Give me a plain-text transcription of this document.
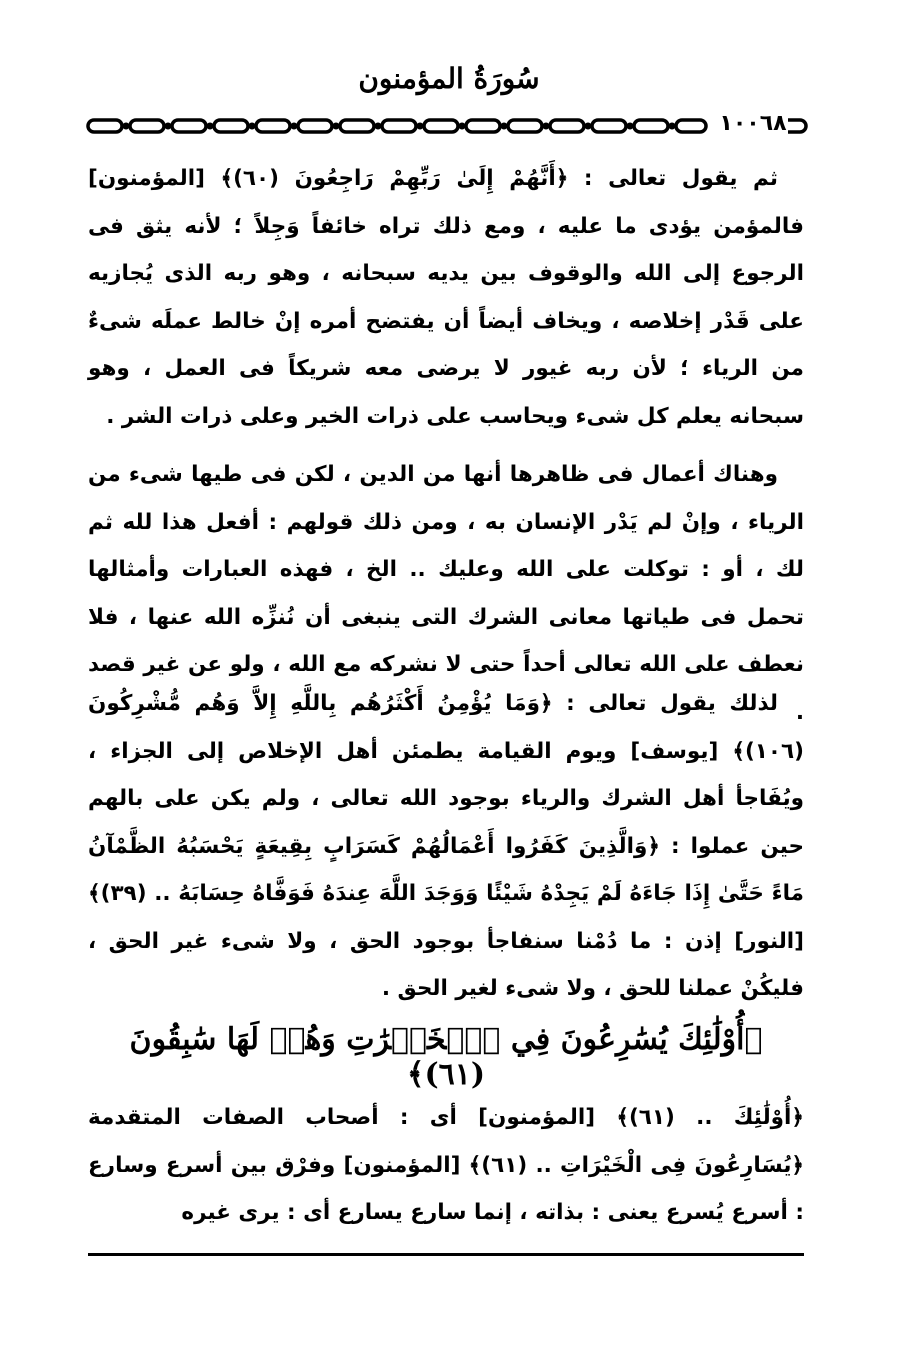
سُورَةُ المؤمنون
١٠٠٦٨

ثم يقول تعالى : ﴿أَنَّهُمْ إِلَىٰ رَبِّهِمْ رَاجِعُونَ (٦٠)﴾ [المؤمنون] فالمؤمن يؤدى ما عليه ، ومع ذلك تراه خائفاً وَجِلاً ؛ لأنه يثق فى الرجوع إلى الله والوقوف بين يديه سبحانه ، وهو ربه الذى يُجازيه على قَدْر إخلاصه ، ويخاف أيضاً أن يفتضح أمره إنْ خالط عملَه شىءٌ من الرياء ؛ لأن ربه غيور لا يرضى معه شريكاً فى العمل ، وهو سبحانه يعلم كل شىء ويحاسب على ذرات الخير وعلى ذرات الشر .

وهناك أعمال فى ظاهرها أنها من الدين ، لكن فى طيها شىء من الرياء ، وإنْ لم يَدْر الإنسان به ، ومن ذلك قولهم : أفعل هذا لله ثم لك ، أو : توكلت على الله وعليك .. الخ ، فهذه العبارات وأمثالها تحمل فى طياتها معانى الشرك التى ينبغى أن نُنزِّه الله عنها ، فلا نعطف على الله تعالى أحداً حتى لا نشركه مع الله ، ولو عن غير قصد .

لذلك يقول تعالى : ﴿وَمَا يُؤْمِنُ أَكْثَرُهُم بِاللَّهِ إِلاَّ وَهُم مُّشْرِكُونَ (١٠٦)﴾ [يوسف] ويوم القيامة يطمئن أهل الإخلاص إلى الجزاء ، ويُفَاجأ أهل الشرك والرياء بوجود الله تعالى ، ولم يكن على بالهم حين عملوا : ﴿وَالَّذِينَ كَفَرُوا أَعْمَالُهُمْ كَسَرَابٍ بِقِيعَةٍ يَحْسَبُهُ الظَّمْآنُ مَاءً حَتَّىٰ إِذَا جَاءَهُ لَمْ يَجِدْهُ شَيْئًا وَوَجَدَ اللَّهَ عِندَهُ فَوَفَّاهُ حِسَابَهُ .. (٣٩)﴾ [النور] إذن : ما دُمْنا سنفاجأ بوجود الحق ، ولا شىء غير الحق ، فليكُنْ عملنا للحق ، ولا شىء لغير الحق .

﴿أُوْلَٰئِكَ يُسَٰرِعُونَ فِي ٱلۡخَيۡرَٰتِ وَهُمۡ لَهَا سَٰبِقُونَ (٦١)﴾

﴿أُوْلَٰئِكَ .. (٦١)﴾ [المؤمنون] أى : أصحاب الصفات المتقدمة ﴿يُسَارِعُونَ فِى الْخَيْرَاتِ .. (٦١)﴾ [المؤمنون] وفرْق بين أسرع وسارع : أسرع يُسرع يعنى : بذاته ، إنما سارع يسارع أى : يرى غيره
